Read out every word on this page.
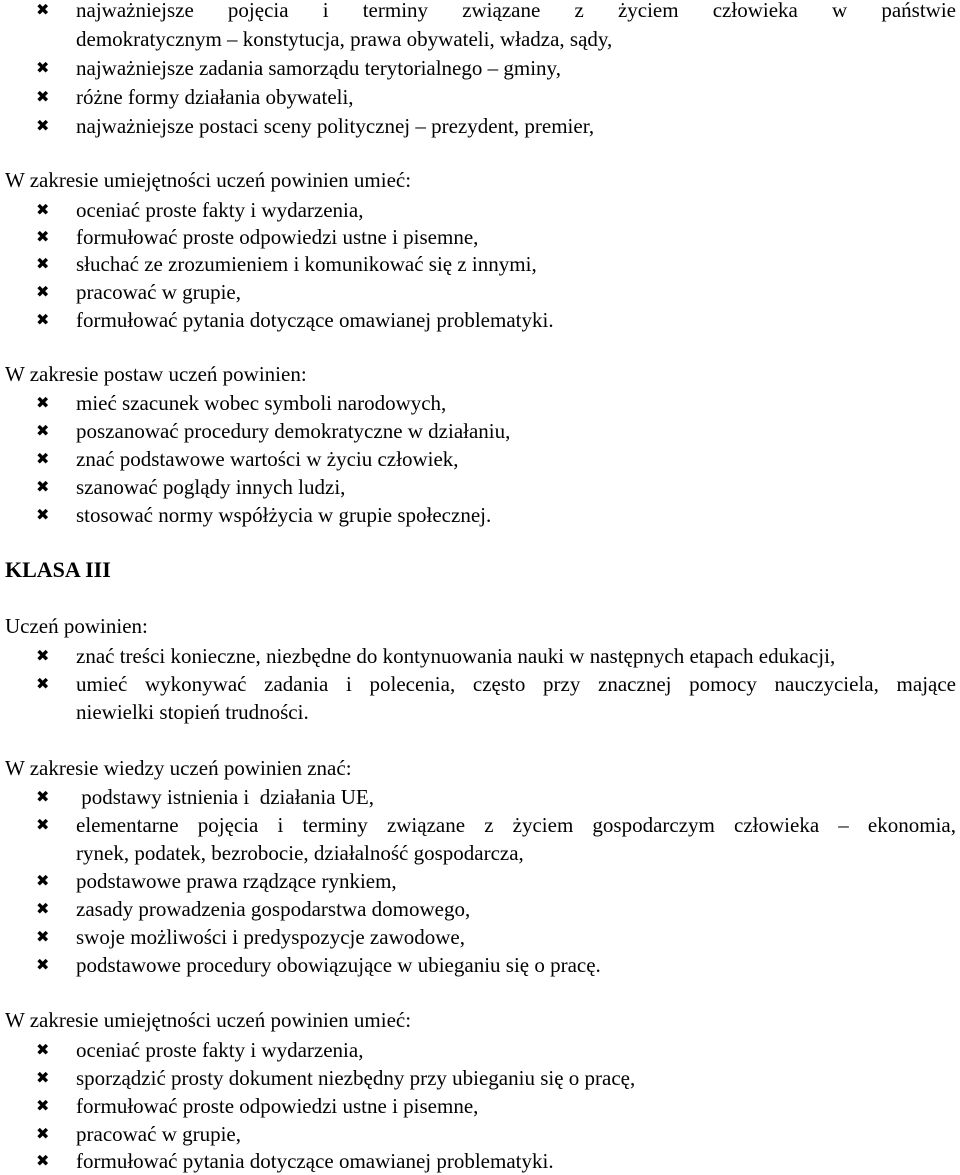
najważniejsze pojęcia i terminy związane z życiem człowieka w państwie
demokratycznym – konstytucja, prawa obywateli, władza, sądy,
najważniejsze zadania samorządu terytorialnego – gminy,
różne formy działania obywateli,
najważniejsze postaci sceny politycznej – prezydent, premier,
W zakresie umiejętności uczeń powinien umieć:
oceniać proste fakty i wydarzenia,
formułować proste odpowiedzi ustne i pisemne,
słuchać ze zrozumieniem i komunikować się z innymi,
pracować w grupie,
formułować pytania dotyczące omawianej problematyki.
W zakresie postaw uczeń powinien:
mieć szacunek wobec symboli narodowych,
poszanować procedury demokratyczne w działaniu,
znać podstawowe wartości w życiu człowiek,
szanować poglądy innych ludzi,
stosować normy współżycia w grupie społecznej.
KLASA III
Uczeń powinien:
znać treści konieczne, niezbędne do kontynuowania nauki w następnych etapach edukacji,
umieć wykonywać zadania i polecenia, często przy znacznej pomocy nauczyciela, mające
niewielki stopień trudności.
W zakresie wiedzy uczeń powinien znać:
podstawy istnienia i  działania UE,
elementarne pojęcia i terminy związane z życiem gospodarczym człowieka – ekonomia,
rynek, podatek, bezrobocie, działalność gospodarcza,
podstawowe prawa rządzące rynkiem,
zasady prowadzenia gospodarstwa domowego,
swoje możliwości i predyspozycje zawodowe,
podstawowe procedury obowiązujące w ubieganiu się o pracę.
W zakresie umiejętności uczeń powinien umieć:
oceniać proste fakty i wydarzenia,
sporządzić prosty dokument niezbędny przy ubieganiu się o pracę,
formułować proste odpowiedzi ustne i pisemne,
pracować w grupie,
formułować pytania dotyczące omawianej problematyki.
